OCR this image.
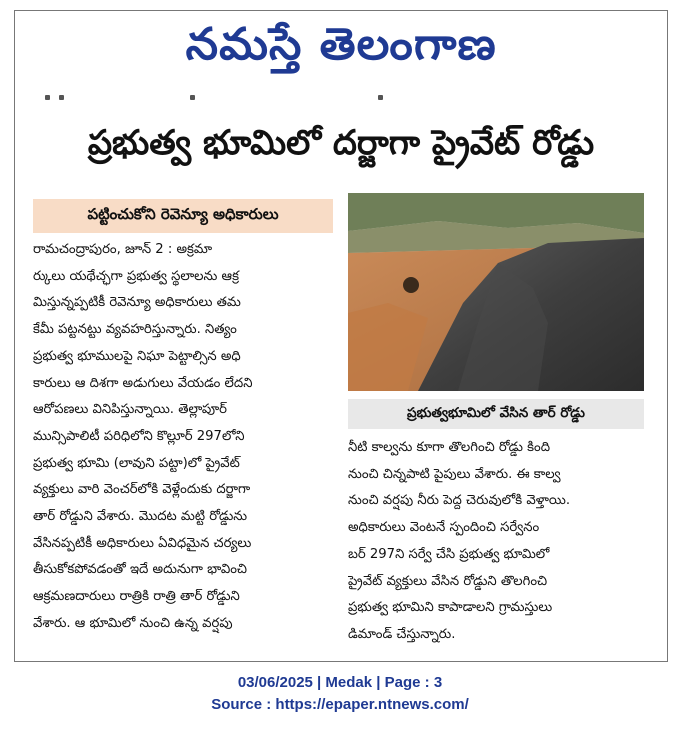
నమస్తే తెలంగాణ
ప్రభుత్వ భూమిలో దర్జాగా ప్రైవేట్ రోడ్డు
పట్టించుకోని రెవెన్యూ అధికారులు
రామచంద్రాపురం, జూన్ 2 : అక్రమా
ర్కులు యథేచ్ఛగా ప్రభుత్వ స్థలాలను ఆక్ర
మిస్తున్నప్పటికీ రెవెన్యూ అధికారులు తమ
కేమీ పట్టనట్టు వ్యవహరిస్తున్నారు. నిత్యం
ప్రభుత్వ భూములపై నిఘా పెట్టాల్సిన అధి
కారులు ఆ దిశగా అడుగులు వేయడం లేదని
ఆరోపణలు వినిపిస్తున్నాయి. తెల్లాపూర్
మున్సిపాలిటీ పరిధిలోని కొల్లూర్ 297లోని
ప్రభుత్వ భూమి (లావుని పట్టా)లో ప్రైవేట్
వ్యక్తులు వారి వెంచర్‌లోకి వెళ్లేందుకు దర్జాగా
తార్ రోడ్డుని వేశారు. మొదట మట్టి రోడ్డును
వేసినప్పటికీ అధికారులు ఏవిధమైన చర్యలు
తీసుకోకపోవడంతో ఇదే అదునుగా భావించి
ఆక్రమణదారులు రాత్రికి రాత్రి తార్ రోడ్డుని
వేశారు. ఆ భూమిలో నుంచి ఉన్న వర్షపు
ప్రభుత్వభూమిలో వేసిన తార్ రోడ్డు
నీటి కాల్వను కూగా తొలగించి రోడ్డు కింది
నుంచి చిన్నపాటి పైపులు వేశారు. ఈ కాల్వ
నుంచి వర్షపు నీరు పెద్ద చెరువులోకి వెళ్తాయి.
అధికారులు వెంటనే స్పందించి సర్వేనం
బర్ 297ని సర్వే చేసి ప్రభుత్వ భూమిలో
ప్రైవేట్ వ్యక్తులు వేసిన రోడ్డుని తొలగించి
ప్రభుత్వ భూమిని కాపాడాలని గ్రామస్తులు
డిమాండ్ చేస్తున్నారు.
03/06/2025 | Medak | Page : 3
Source : https://epaper.ntnews.com/
